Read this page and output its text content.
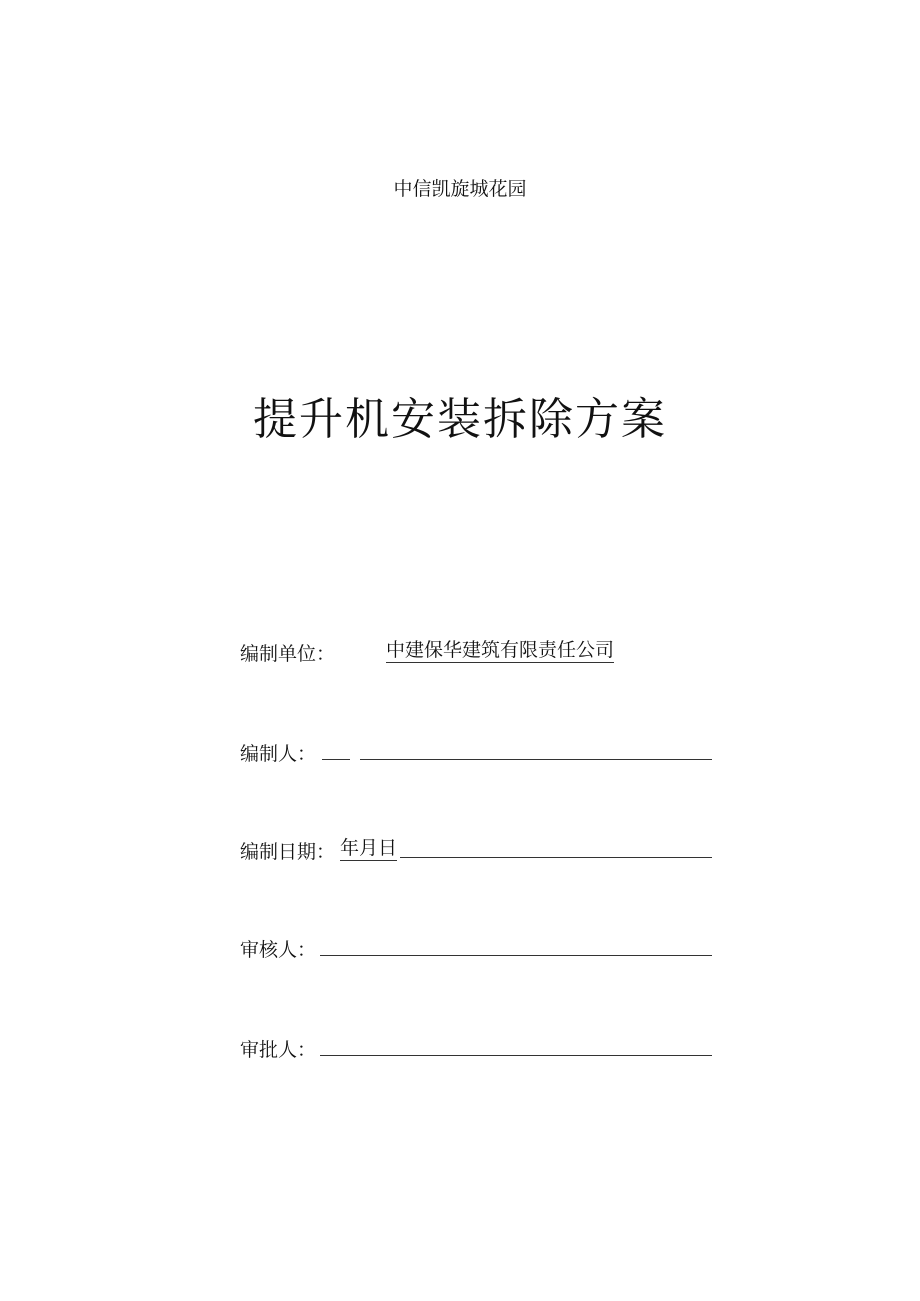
中信凯旋城花园
提升机安装拆除方案
编制单位：	中建保华建筑有限责任公司
编制人：
编制日期： 年月日
审核人：
审批人：
